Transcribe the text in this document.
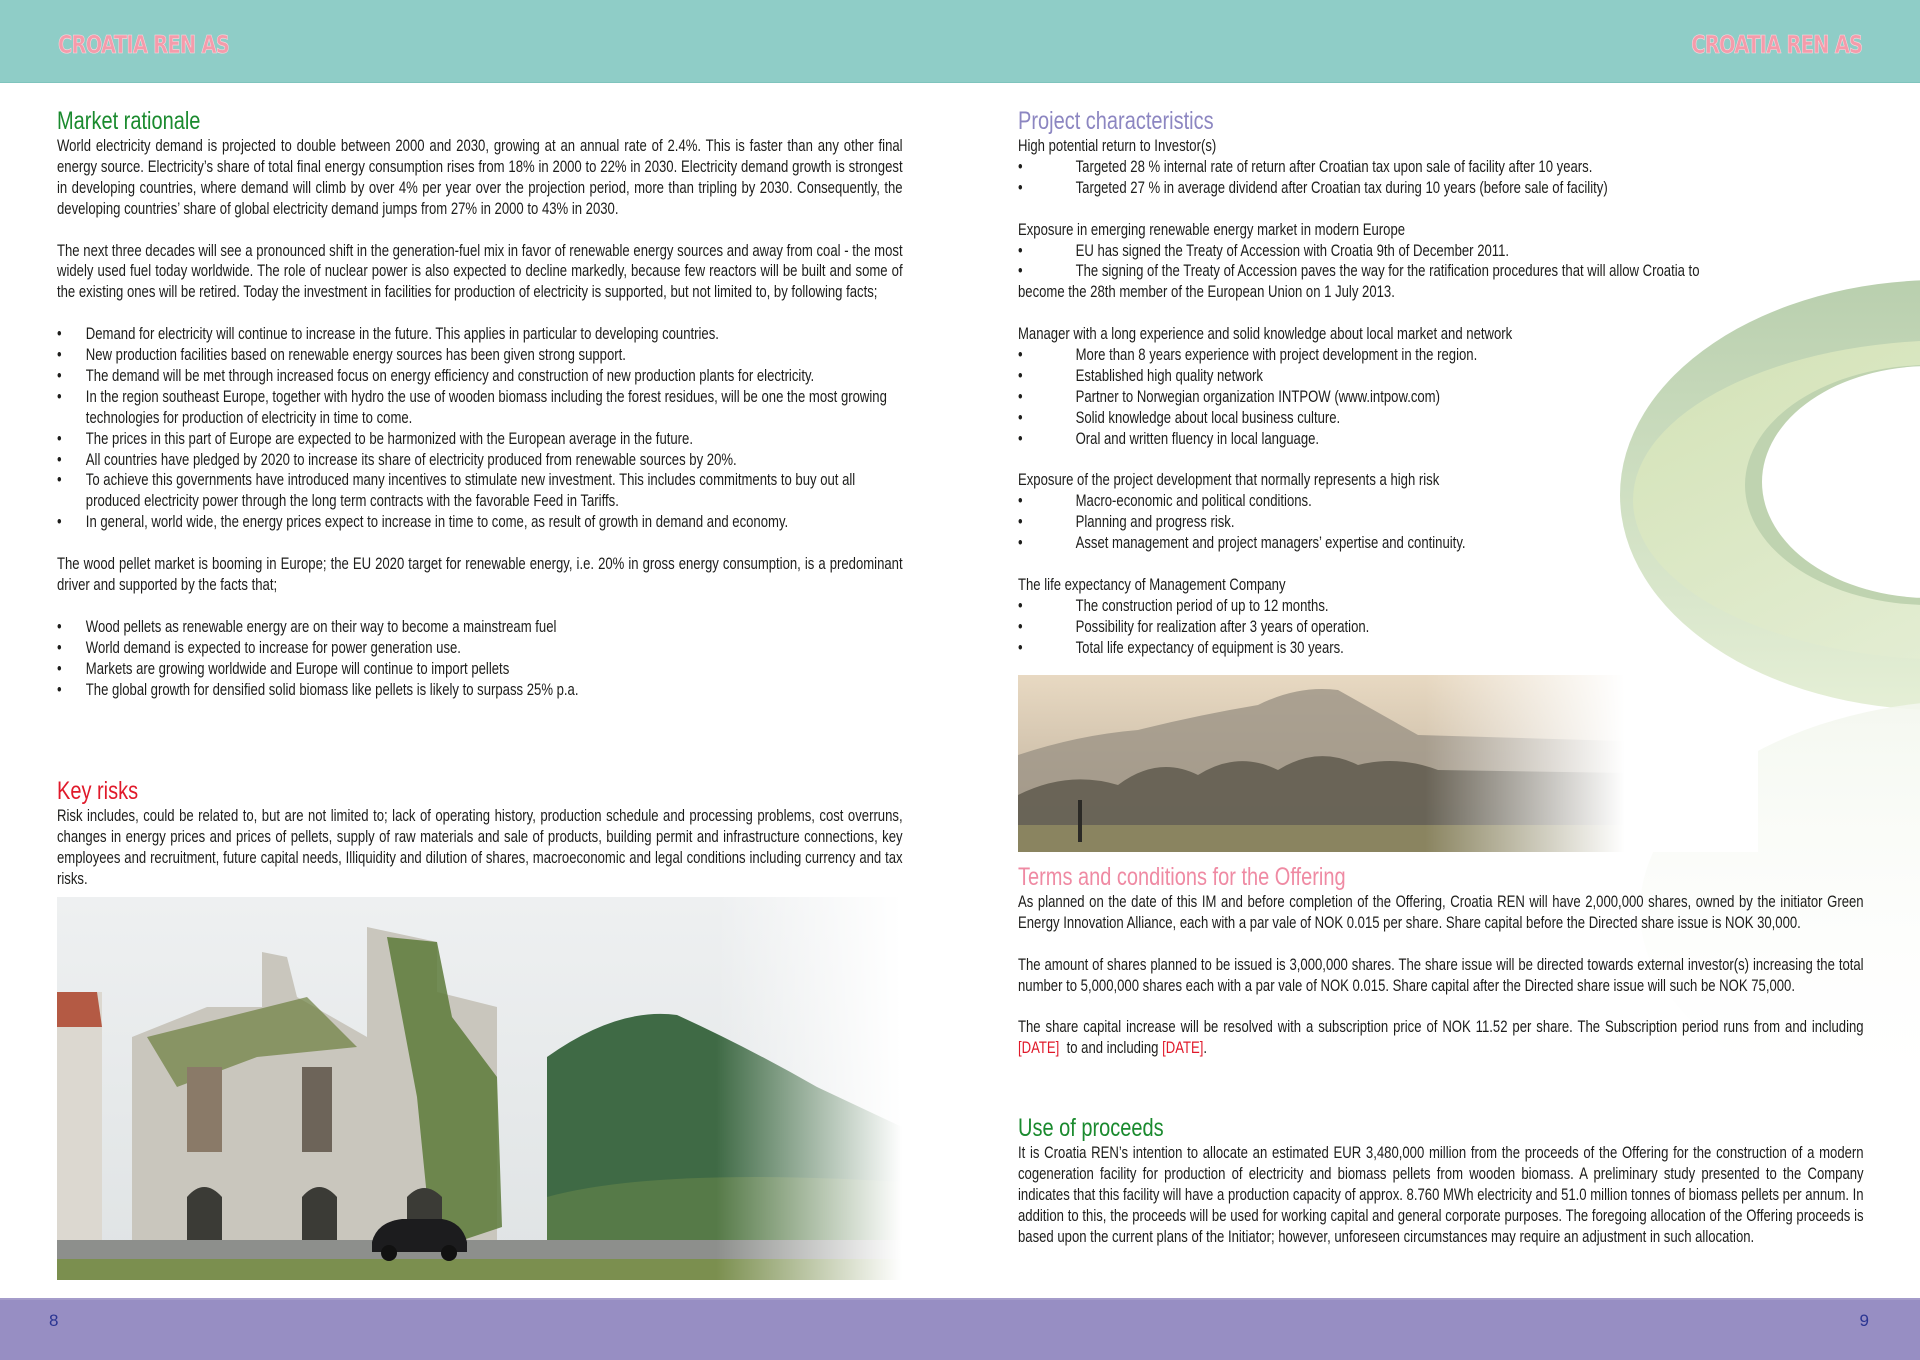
CROATIA REN AS	CROATIA REN AS
Market rationale

World electricity demand is projected to double between 2000 and 2030, growing at an annual rate of 2.4%. This is faster than any other final energy source. Electricity’s share of total final energy consumption rises from 18% in 2000 to 22% in 2030. Electricity demand growth is strongest in developing countries, where demand will climb by over 4% per year over the projection period, more than tripling by 2030. Consequently, the developing countries’ share of global electricity demand jumps from 27% in 2000 to 43% in 2030.

The next three decades will see a pronounced shift in the generation-fuel mix in favor of renewable energy sources and away from coal - the most widely used fuel today worldwide. The role of nuclear power is also expected to decline markedly, because few reactors will be built and some of the existing ones will be retired. Today the investment in facilities for production of electricity is supported, but not limited to, by following facts;

• Demand for electricity will continue to increase in the future. This applies in particular to developing countries.
• New production facilities based on renewable energy sources has been given strong support.
• The demand will be met through increased focus on energy efficiency and construction of new production plants for electricity.
• In the region southeast Europe, together with hydro the use of wooden biomass including the forest residues, will be one the most growing technologies for production of electricity in time to come.
• The prices in this part of Europe are expected to be harmonized with the European average in the future.
• All countries have pledged by 2020 to increase its share of electricity produced from renewable sources by 20%.
• To achieve this governments have introduced many incentives to stimulate new investment. This includes commitments to buy out all produced electricity power through the long term contracts with the favorable Feed in Tariffs.
• In general, world wide, the energy prices expect to increase in time to come, as result of growth in demand and economy.

The wood pellet market is booming in Europe; the EU 2020 target for renewable energy, i.e. 20% in gross energy consumption, is a predominant driver and supported by the facts that;

• Wood pellets as renewable energy are on their way to become a mainstream fuel
• World demand is expected to increase for power generation use.
• Markets are growing worldwide and Europe will continue to import pellets
• The global growth for densified solid biomass like pellets is likely to surpass 25% p.a.
Key risks

Risk includes, could be related to, but are not limited to; lack of operating history, production schedule and processing problems, cost overruns, changes in energy prices and prices of pellets, supply of raw materials and sale of products, building permit and infrastructure connections, key employees and recruitment, future capital needs, Illiquidity and dilution of shares, macroeconomic and legal conditions including currency and tax risks.

Project characteristics

High potential return to Investor(s)

• Targeted 28 % internal rate of return after Croatian tax upon sale of facility after 10 years.
• Targeted 27 % in average dividend after Croatian tax during 10 years (before sale of facility)

Exposure in emerging renewable energy market in modern Europe

• EU has signed the Treaty of Accession with Croatia 9th of December 2011.
• The signing of the Treaty of Accession paves the way for the ratification procedures that will allow Croatia to

become the 28th member of the European Union on 1 July 2013.

Manager with a long experience and solid knowledge about local market and network

• More than 8 years experience with project development in the region.
• Established high quality network
• Partner to Norwegian organization INTPOW (www.intpow.com)
• Solid knowledge about local business culture.
• Oral and written fluency in local language.

Exposure of the project development that normally represents a high risk

• Macro-economic and political conditions.
• Planning and progress risk.
• Asset management and project managers’ expertise and continuity.

The life expectancy of Management Company

• The construction period of up to 12 months.
• Possibility for realization after 3 years of operation.
• Total life expectancy of equipment is 30 years.
Terms and conditions for the Offering

As planned on the date of this IM and before completion of the Offering, Croatia REN will have 2,000,000 shares, owned by the initiator Green Energy Innovation Alliance, each with a par vale of NOK 0.015 per share. Share capital before the Directed share issue is NOK 30,000.

The amount of shares planned to be issued is 3,000,000 shares. The share issue will be directed towards external investor(s) increasing the total number to 5,000,000 shares each with a par vale of NOK 0.015. Share capital after the Directed share issue will such be NOK 75,000.

The share capital increase will be resolved with a subscription price of NOK 11.52 per share. The Subscription period runs from and including [DATE]  to and including [DATE].

Use of proceeds

It is Croatia REN’s intention to allocate an estimated EUR 3,480,000 million from the proceeds of the Offering for the construction of a modern cogeneration facility for production of electricity and biomass pellets from wooden biomass. A preliminary study presented to the Company indicates that this facility will have a production capacity of approx. 8.760 MWh electricity and 51.0 million tonnes of biomass pellets per annum. In addition to this, the proceeds will be used for working capital and general corporate purposes. The foregoing allocation of the Offering proceeds is based upon the current plans of the Initiator; however, unforeseen circumstances may require an adjustment in such allocation.

8	9
